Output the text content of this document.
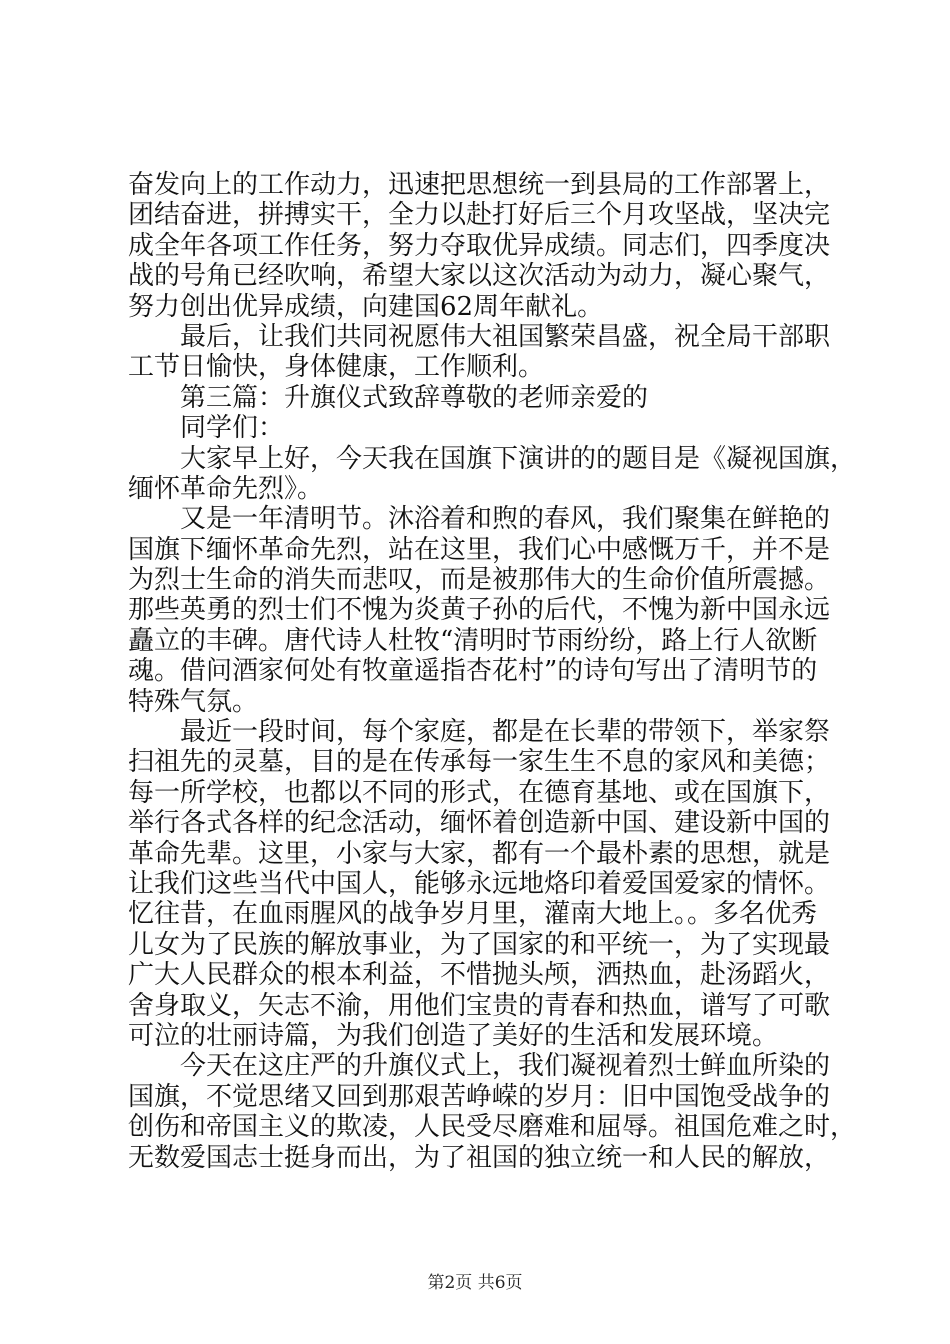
奋发向上的工作动力，迅速把思想统一到县局的工作部署上，
团结奋进，拼搏实干，全力以赴打好后三个月攻坚战，坚决完
成全年各项工作任务，努力夺取优异成绩。同志们，四季度决
战的号角已经吹响，希望大家以这次活动为动力，凝心聚气，
努力创出优异成绩，向建国62周年献礼。
　　最后，让我们共同祝愿伟大祖国繁荣昌盛，祝全局干部职
工节日愉快，身体健康，工作顺利。
　　第三篇：升旗仪式致辞尊敬的老师亲爱的
　　同学们：
　　大家早上好，今天我在国旗下演讲的的题目是《凝视国旗，
缅怀革命先烈》。
　　又是一年清明节。沐浴着和煦的春风，我们聚集在鲜艳的
国旗下缅怀革命先烈，站在这里，我们心中感慨万千，并不是
为烈士生命的消失而悲叹，而是被那伟大的生命价值所震撼。
那些英勇的烈士们不愧为炎黄子孙的后代，不愧为新中国永远
矗立的丰碑。唐代诗人杜牧“清明时节雨纷纷，路上行人欲断
魂。借问酒家何处有牧童遥指杏花村”的诗句写出了清明节的
特殊气氛。
　　最近一段时间，每个家庭，都是在长辈的带领下，举家祭
扫祖先的灵墓，目的是在传承每一家生生不息的家风和美德；
每一所学校，也都以不同的形式，在德育基地、或在国旗下，
举行各式各样的纪念活动，缅怀着创造新中国、建设新中国的
革命先辈。这里，小家与大家，都有一个最朴素的思想，就是
让我们这些当代中国人，能够永远地烙印着爱国爱家的情怀。
忆往昔，在血雨腥风的战争岁月里，灌南大地上。。多名优秀
儿女为了民族的解放事业，为了国家的和平统一，为了实现最
广大人民群众的根本利益，不惜抛头颅，洒热血，赴汤蹈火，
舍身取义，矢志不渝，用他们宝贵的青春和热血，谱写了可歌
可泣的壮丽诗篇，为我们创造了美好的生活和发展环境。
　　今天在这庄严的升旗仪式上，我们凝视着烈士鲜血所染的
国旗，不觉思绪又回到那艰苦峥嵘的岁月：旧中国饱受战争的
创伤和帝国主义的欺凌，人民受尽磨难和屈辱。祖国危难之时，
无数爱国志士挺身而出，为了祖国的独立统一和人民的解放，
第2页 共6页
